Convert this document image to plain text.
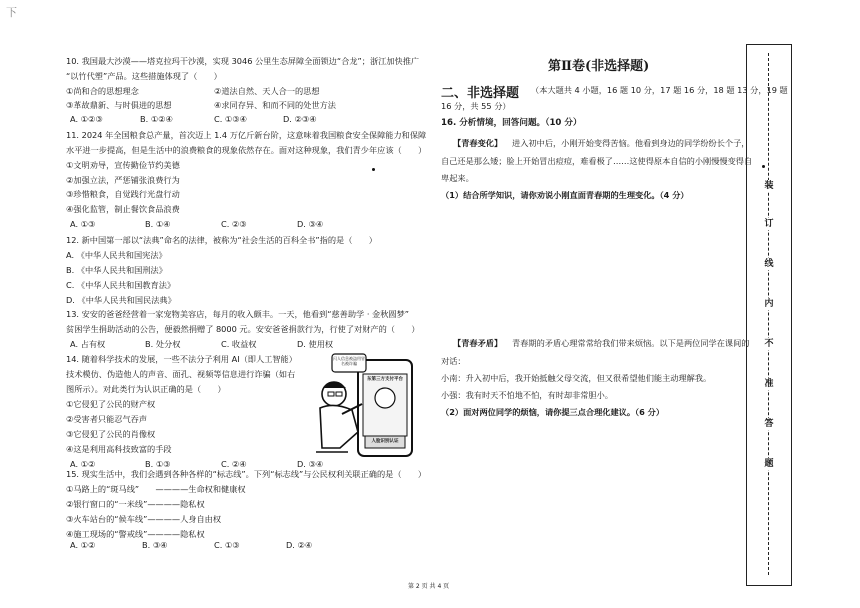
下
10. 我国最大沙漠——塔克拉玛干沙漠，实现 3046 公里生态屏障全面锁边“合龙”；浙江加快推广
“以竹代塑”产品。这些措施体现了（　　）
①尚和合的思想理念	②道法自然、天人合一的思想
③革故鼎新、与时俱进的思想	④求同存异、和而不同的处世方法
A. ①②③	B. ①②④	C. ①③④	D. ②③④
11. 2024 年全国粮食总产量，首次迈上 1.4 万亿斤新台阶，这意味着我国粮食安全保障能力和保障
水平进一步提高，但是生活中的浪费粮食的现象依然存在。面对这种现象，我们青少年应该（　　）
①文明劝导，宣传勤俭节约美德
②加强立法，严惩铺张浪费行为
③珍惜粮食，自觉践行光盘行动
④强化监管，制止餐饮食品浪费
A. ①③	B. ①④	C. ②③	D. ③④
12. 新中国第一部以“法典”命名的法律，被称为“社会生活的百科全书”指的是（　　）
A. 《中华人民共和国宪法》
B. 《中华人民共和国刑法》
C. 《中华人民共和国教育法》
D. 《中华人民共和国民法典》
13. 安安的爸爸经营着一家宠物美容店，每月的收入颇丰。一天，他看到“慈善助学 · 金秋圆梦”
贫困学生捐助活动的公告，便毅然捐赠了 8000 元。安安爸爸捐款行为，行使了对财产的（　　）
A. 占有权	B. 处分权	C. 收益权	D. 使用权
14. 随着科学技术的发展，一些不法分子利用 AI（即人工智能）
技术模仿、伪造他人的声音、面孔、视频等信息进行诈骗（如右
图所示）。对此类行为认识正确的是（　　）
①它侵犯了公民的财产权
②受害者只能忍气吞声
③它侵犯了公民的肖像权
④这是利用高科技致富的手段
A. ①②	B. ①③	C. ②④	D. ③④
闪人信息被盗用冒名被诈骗
东第三方支付平台
人脸识别认证
15. 现实生活中，我们会遇到各种各样的“标志线”。下列“标志线”与公民权利关联正确的是（　　）
①马路上的“斑马线”　　————生命权和健康权
②银行窗口的“一米线”————隐私权
③火车站台的“候车线”————人身自由权
④施工现场的“警戒线”————隐私权
A. ①②	B. ③④	C. ①③	D. ②④
第Ⅱ卷(非选择题)
二、非选择题 （本大题共 4 小题，16 题 10 分，17 题 16 分，18 题 13 分，19 题
16 分，共 55 分）
16. 分析情境，回答问题。（10 分）
【青春变化】 进入初中后，小刚开始变得苦恼。他看到身边的同学纷纷长个子，
自己还是那么矮；脸上开始冒出痘痘，难看极了……这使得原本自信的小刚慢慢变得自
卑起来。
（1）结合所学知识，请你劝说小刚直面青春期的生理变化。（4 分）
【青春矛盾】 青春期的矛盾心理常常给我们带来烦恼。以下是两位同学在课间的
对话：
小南：升入初中后，我开始抵触父母交流，但又很希望他们能主动理解我。
小强：我有时天不怕地不怕，有时却非常胆小。
（2）面对两位同学的烦恼，请你提三点合理化建议。（6 分）
装
订
线
内
不
准
答
题
第 2 页 共 4 页
